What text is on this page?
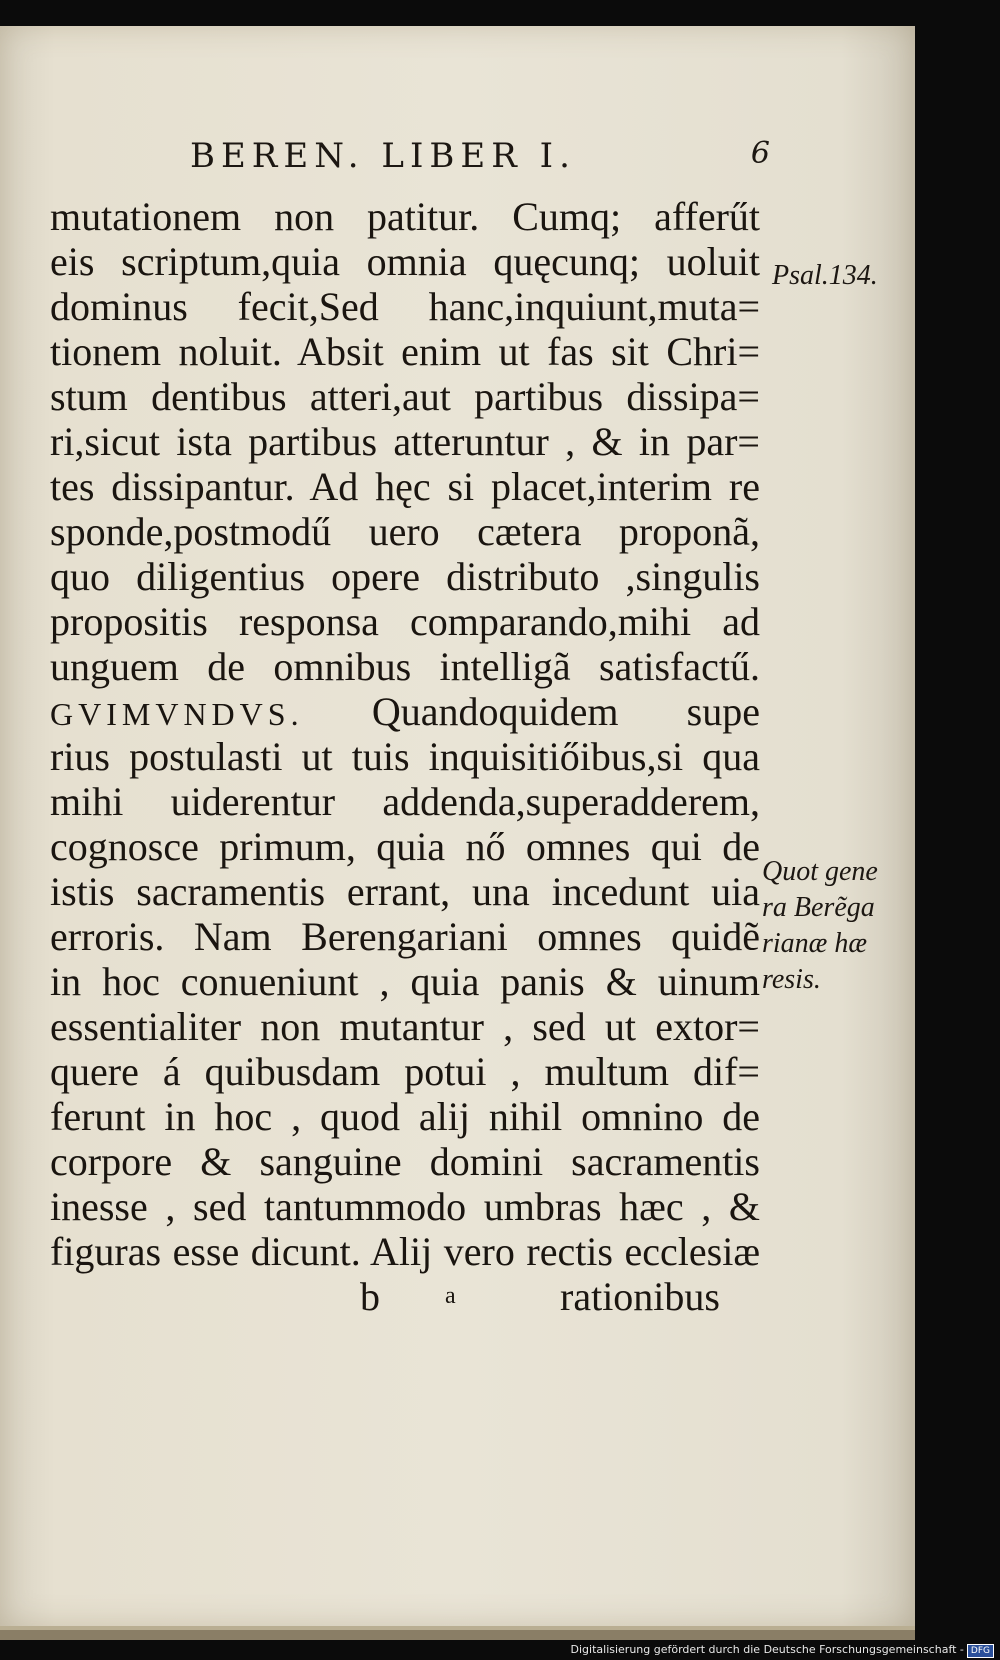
BEREN. LIBER I.	6
mutationem non patitur. Cumq; afferűt
eis scriptum,quia omnia quęcunq; uoluit
dominus fecit,Sed hanc,inquiunt,muta=
tionem noluit. Absit enim ut fas sit Chri=
stum dentibus atteri,aut partibus dissipa=
ri,sicut ista partibus atteruntur , & in par=
tes dissipantur. Ad hęc si placet,interim re
sponde,postmodű uero cætera proponã,
quo diligentius opere distributo ,singulis
propositis responsa comparando,mihi ad
unguem de omnibus intelligã satisfactű.
GVIMVNDVS. Quandoquidem supe
rius postulasti ut tuis inquisitiőibus,si qua
mihi uiderentur addenda,superadderem,
cognosce primum, quia nő omnes qui de
istis sacramentis errant, una incedunt uia
erroris. Nam Berengariani omnes quidẽ
in hoc conueniunt , quia panis & uinum
essentialiter non mutantur , sed ut extor=
quere á quibusdam potui , multum dif=
ferunt in hoc , quod alij nihil omnino de
corpore & sanguine domini sacramentis
inesse , sed tantummodo umbras hæc , &
figuras esse dicunt. Alij vero rectis ecclesiæ
b	a	rationibus
Psal.134.
Quot gene
ra Berẽga
rianæ hæ
resis.
Digitalisierung gefördert durch die Deutsche Forschungsgemeinschaft - DFG
